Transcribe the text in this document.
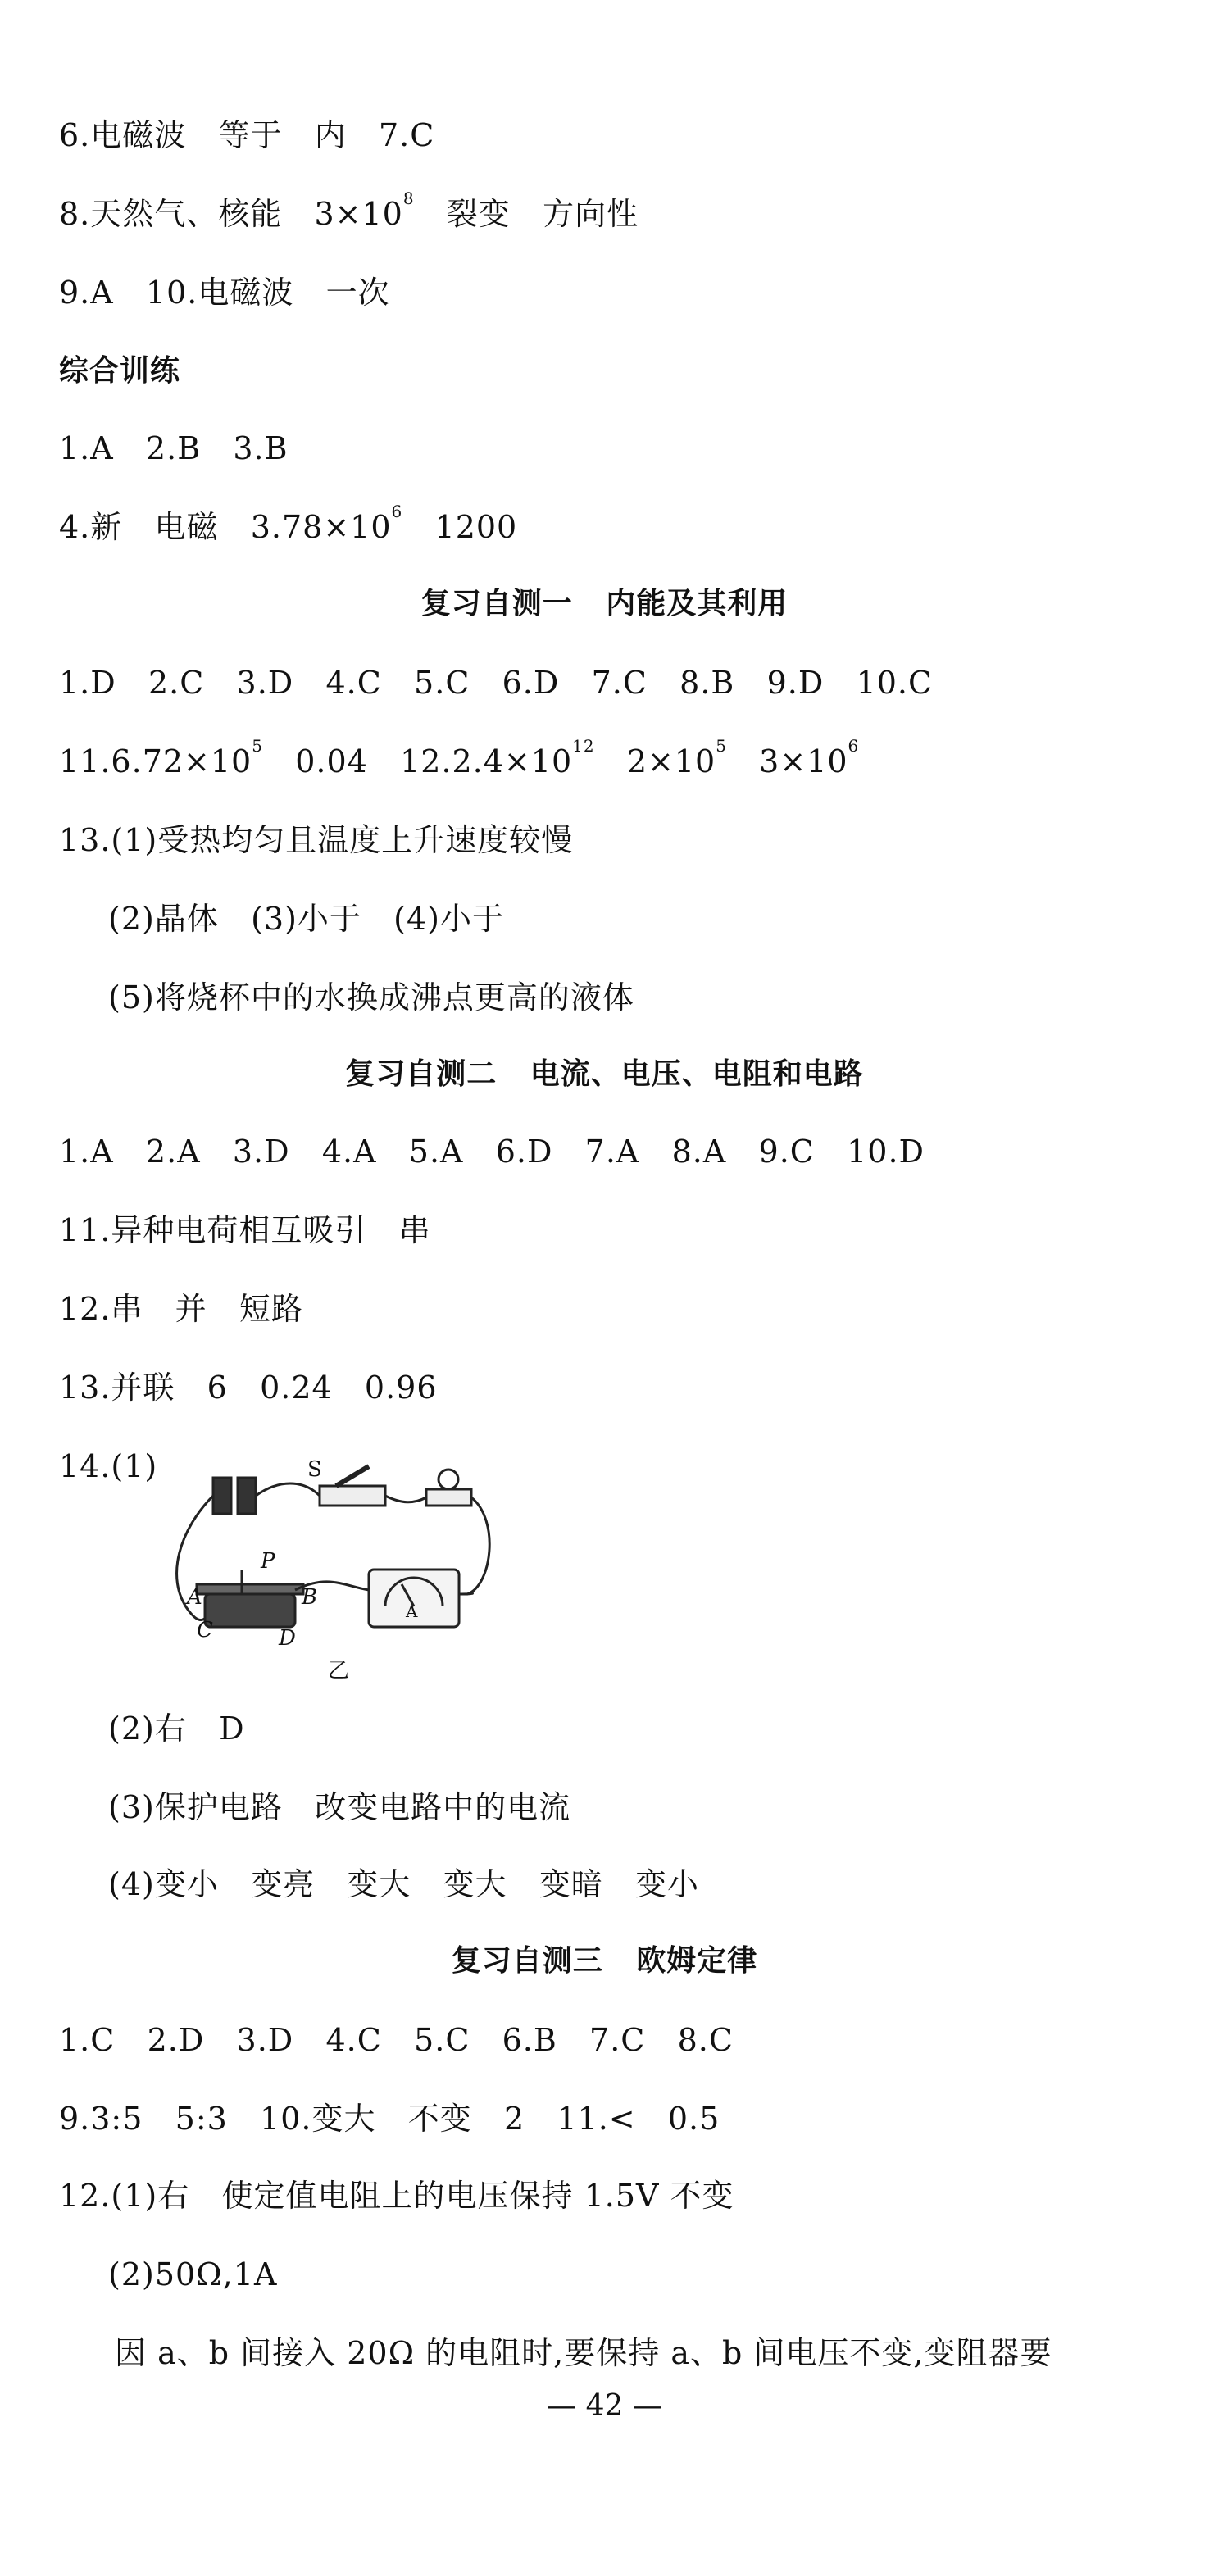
6.电磁波   等于   内   7.C
8.天然气、核能   $3\times 10^8$   裂变   方向性
9.A   10.电磁波   一次
综合训练
1.A   2.B   3.B
4.新   电磁   $3.78\times 10^6$   1200
复习自测一   内能及其利用
1.D   2.C   3.D   4.C   5.C   6.D   7.C   8.B   9.D   10.C
$11.6.72\times 10^5$   0.04   $12.2.4\times 10^{12}$   $2\times 10^5$   $3\times 10^6$
13.(1)受热均匀且温度上升速度较慢
(2)晶体   (3)小于   (4)小于
(5)将烧杯中的水换成沸点更高的液体
复习自测二   电流、电压、电阻和电路
1.A   2.A   3.D   4.A   5.A   6.D   7.A   8.A   9.C   10.D
11.异种电荷相互吸引   串
12.串   并   短路
13.并联   6   0.24   0.96
14.(1)	S
P
A	B
C	D
A
乙
(2)右   D
(3)保护电路   改变电路中的电流
(4)变小   变亮   变大   变大   变暗   变小
复习自测三   欧姆定律
1.C   2.D   3.D   4.C   5.C   6.B   7.C   8.C
9.3:5   5:3   10.变大   不变   2   11.<   0.5
12.(1)右   使定值电阻上的电压保持 1.5V 不变
(2)50Ω,1A
因 a、b 间接入 20Ω 的电阻时,要保持 a、b 间电压不变,变阻器要
— 42 —
